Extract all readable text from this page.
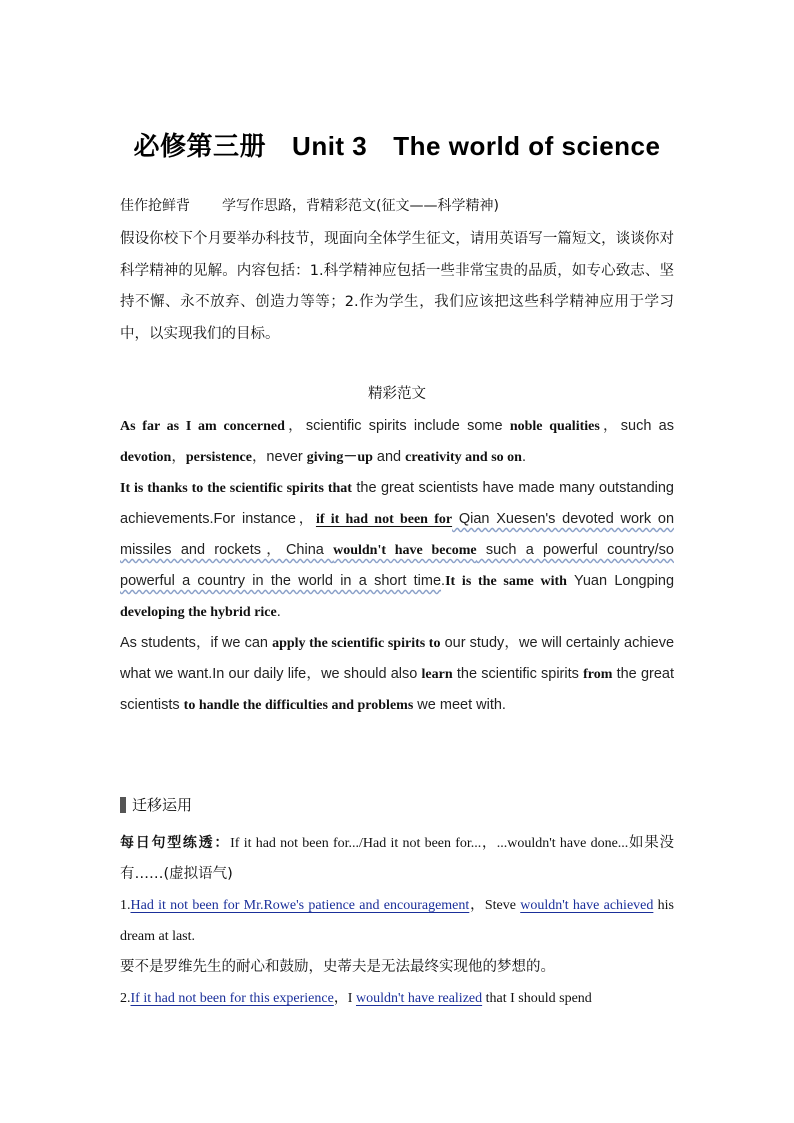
必修第三册 Unit 3 The world of science
佳作抢鲜背 学写作思路，背精彩范文(征文——科学精神)
假设你校下个月要举办科技节，现面向全体学生征文，请用英语写一篇短文，谈谈你对科学精神的见解。内容包括：1.科学精神应包括一些非常宝贵的品质，如专心致志、坚持不懈、永不放弃、创造力等等；2.作为学生，我们应该把这些科学精神应用于学习中，以实现我们的目标。
精彩范文

As far as I am concerned，scientific spirits include some noble qualities，such as devotion，persistence，never giving－up and creativity and so on.

It is thanks to the scientific spirits that the great scientists have made many outstanding achievements.For instance，if it had not been for Qian Xuesen's devoted work on missiles and rockets，China wouldn't have become such a powerful country/so powerful a country in the world in a short time.It is the same with Yuan Longping developing the hybrid rice.

As students，if we can apply the scientific spirits to our study，we will certainly achieve what we want.In our daily life，we should also learn the scientific spirits from the great scientists to handle the difficulties and problems we meet with.

迁移运用

每日句型练透：If it had not been for.../Had it not been for...，...wouldn't have done...如果没有……(虚拟语气)

1.Had it not been for Mr.Rowe's patience and encouragement，Steve wouldn't have achieved his dream at last.

要不是罗维先生的耐心和鼓励，史蒂夫是无法最终实现他的梦想的。

2.If it had not been for this experience，I wouldn't have realized that I should spend
